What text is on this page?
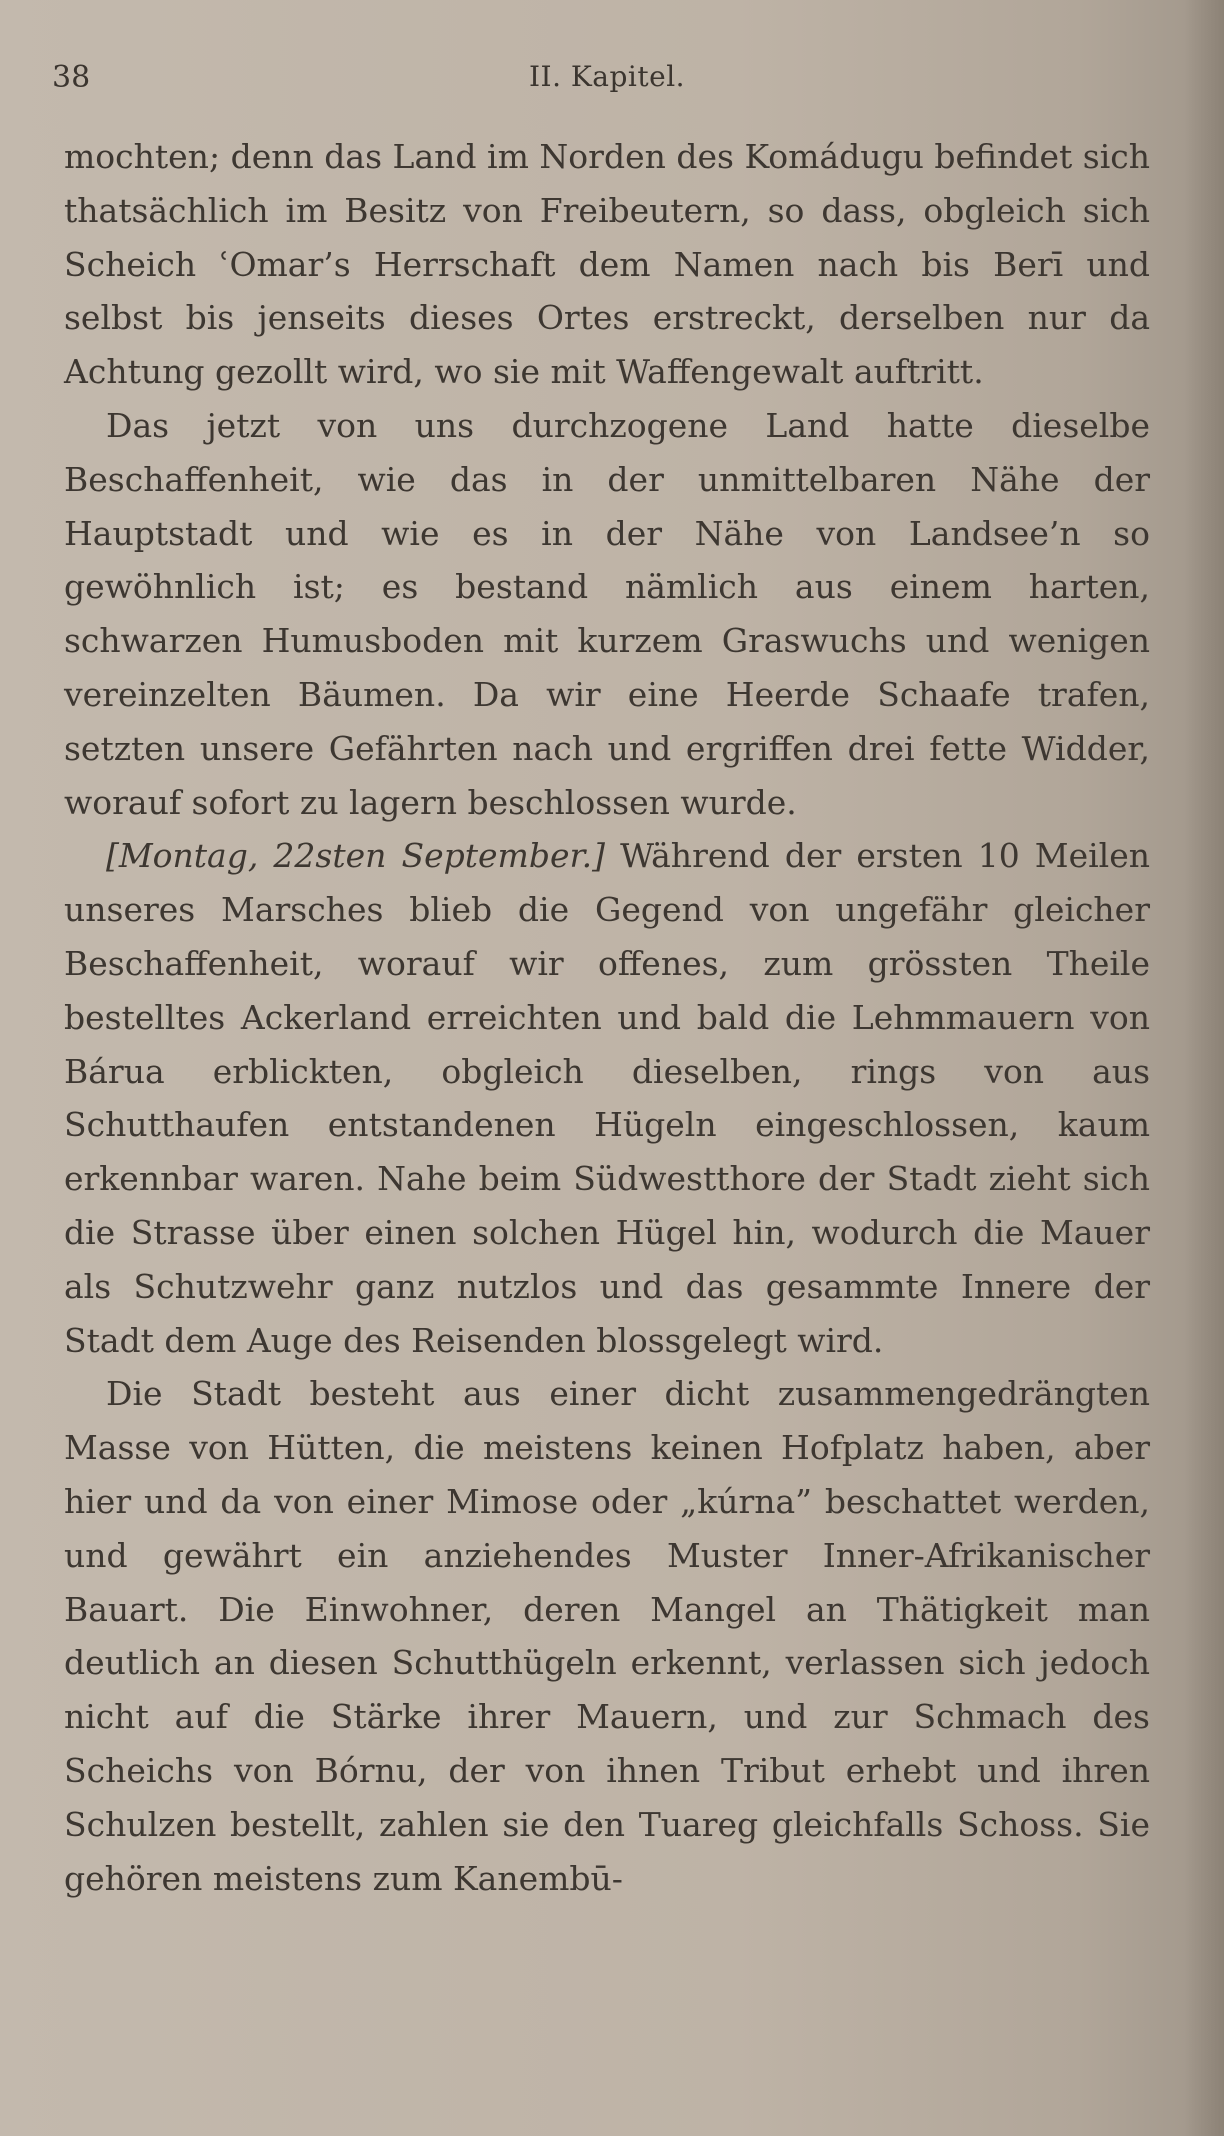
38	II. Kapitel.

mochten; denn das Land im Norden des Komádugu befindet sich thatsächlich im Besitz von Freibeutern, so dass, obgleich sich Scheich ʿOmar’s Herrschaft dem Namen nach bis Berī und selbst bis jenseits dieses Ortes erstreckt, derselben nur da Achtung gezollt wird, wo sie mit Waffengewalt auftritt.

Das jetzt von uns durchzogene Land hatte dieselbe Beschaffenheit, wie das in der unmittelbaren Nähe der Hauptstadt und wie es in der Nähe von Landsee’n so gewöhnlich ist; es bestand nämlich aus einem harten, schwarzen Humusboden mit kurzem Graswuchs und wenigen vereinzelten Bäumen. Da wir eine Heerde Schaafe trafen, setzten unsere Gefährten nach und ergriffen drei fette Widder, worauf sofort zu lagern beschlossen wurde.

[Montag, 22sten September.] Während der ersten 10 Meilen unseres Marsches blieb die Gegend von ungefähr gleicher Beschaffenheit, worauf wir offenes, zum grössten Theile bestelltes Ackerland erreichten und bald die Lehmmauern von Bárua erblickten, obgleich dieselben, rings von aus Schutthaufen entstandenen Hügeln eingeschlossen, kaum erkennbar waren. Nahe beim Südwestthore der Stadt zieht sich die Strasse über einen solchen Hügel hin, wodurch die Mauer als Schutzwehr ganz nutzlos und das gesammte Innere der Stadt dem Auge des Reisenden blossgelegt wird.

Die Stadt besteht aus einer dicht zusammengedrängten Masse von Hütten, die meistens keinen Hofplatz haben, aber hier und da von einer Mimose oder „kúrna” beschattet werden, und gewährt ein anziehendes Muster Inner-Afrikanischer Bauart. Die Einwohner, deren Mangel an Thätigkeit man deutlich an diesen Schutthügeln erkennt, verlassen sich jedoch nicht auf die Stärke ihrer Mauern, und zur Schmach des Scheichs von Bórnu, der von ihnen Tribut erhebt und ihren Schulzen bestellt, zahlen sie den Tuareg gleichfalls Schoss. Sie gehören meistens zum Kanembū-
